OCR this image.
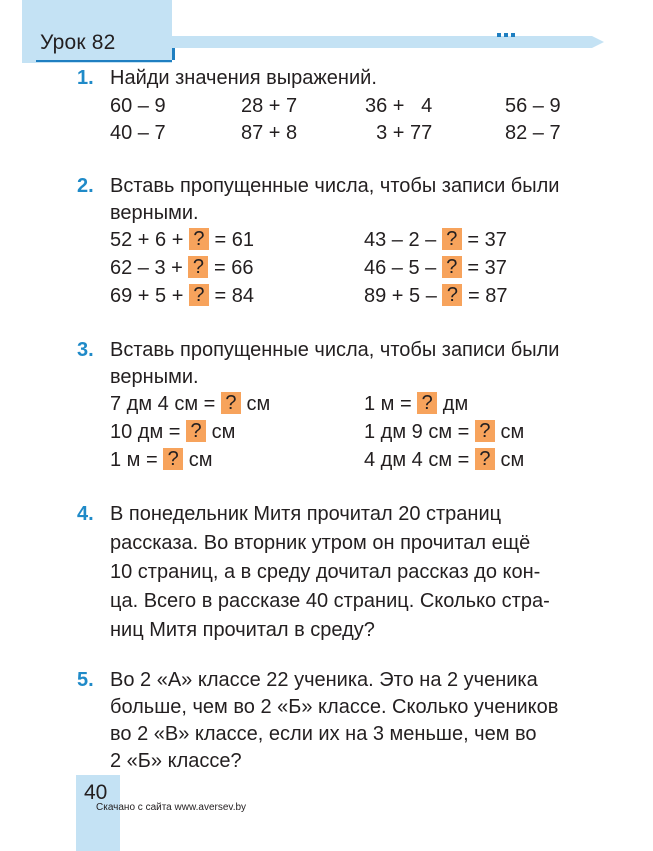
Урок 82
1. Найди значения выражений.
60 – 9	28 + 7	36 +   4	56 – 9
40 – 7	87 + 8	3 + 77	82 – 7
2. Вставь пропущенные числа, чтобы записи были
верными.
52 + 6 + ? = 61	43 – 2 – ? = 37
62 – 3 + ? = 66	46 – 5 – ? = 37
69 + 5 + ? = 84	89 + 5 – ? = 87
3. Вставь пропущенные числа, чтобы записи были
верными.
7 дм 4 см = ? см	1 м = ? дм
10 дм = ? см	1 дм 9 см = ? см
1 м = ? см	4 дм 4 см = ? см
4. В понедельник Митя прочитал 20 страниц
рассказа. Во вторник утром он прочитал ещё
10 страниц, а в среду дочитал рассказ до кон-
ца. Всего в рассказе 40 страниц. Сколько стра-
ниц Митя прочитал в среду?
5. Во 2 «А» классе 22 ученика. Это на 2 ученика
больше, чем во 2 «Б» классе. Сколько учеников
во 2 «В» классе, если их на 3 меньше, чем во
2 «Б» классе?
40
Скачано с сайта www.aversev.by
